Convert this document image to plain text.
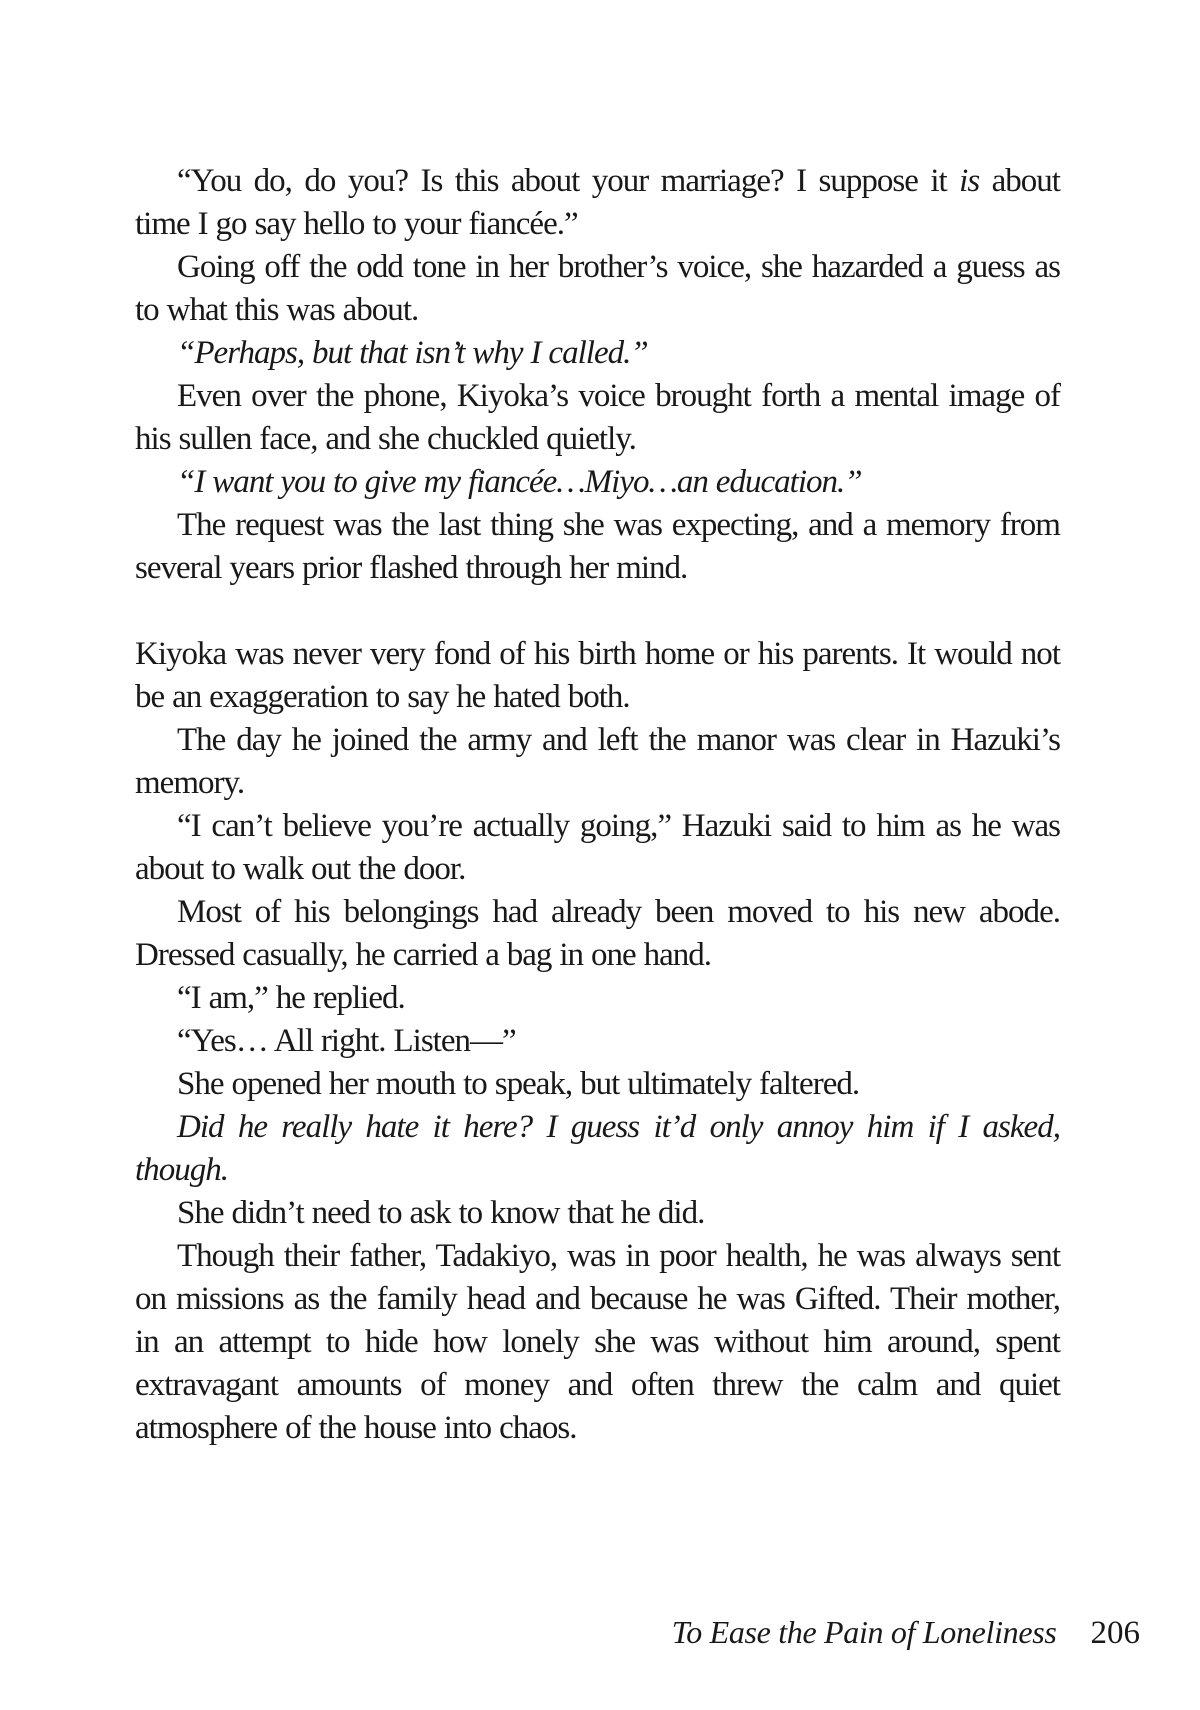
“You do, do you? Is this about your marriage? I suppose it is about time I go say hello to your fiancée.”

Going off the odd tone in her brother’s voice, she hazarded a guess as to what this was about.

“Perhaps, but that isn’t why I called.”

Even over the phone, Kiyoka’s voice brought forth a mental image of his sullen face, and she chuckled quietly.

“I want you to give my fiancée…Miyo…an education.”

The request was the last thing she was expecting, and a memory from several years prior flashed through her mind.

Kiyoka was never very fond of his birth home or his parents. It would not be an exaggeration to say he hated both.

The day he joined the army and left the manor was clear in Hazuki’s memory.

“I can’t believe you’re actually going,” Hazuki said to him as he was about to walk out the door.

Most of his belongings had already been moved to his new abode. Dressed casually, he carried a bag in one hand.

“I am,” he replied.

“Yes… All right. Listen—”

She opened her mouth to speak, but ultimately faltered.

Did he really hate it here? I guess it’d only annoy him if I asked, though.

She didn’t need to ask to know that he did.

Though their father, Tadakiyo, was in poor health, he was always sent on missions as the family head and because he was Gifted. Their mother, in an attempt to hide how lonely she was without him around, spent extravagant amounts of money and often threw the calm and quiet atmosphere of the house into chaos.

To Ease the Pain of Loneliness 206
